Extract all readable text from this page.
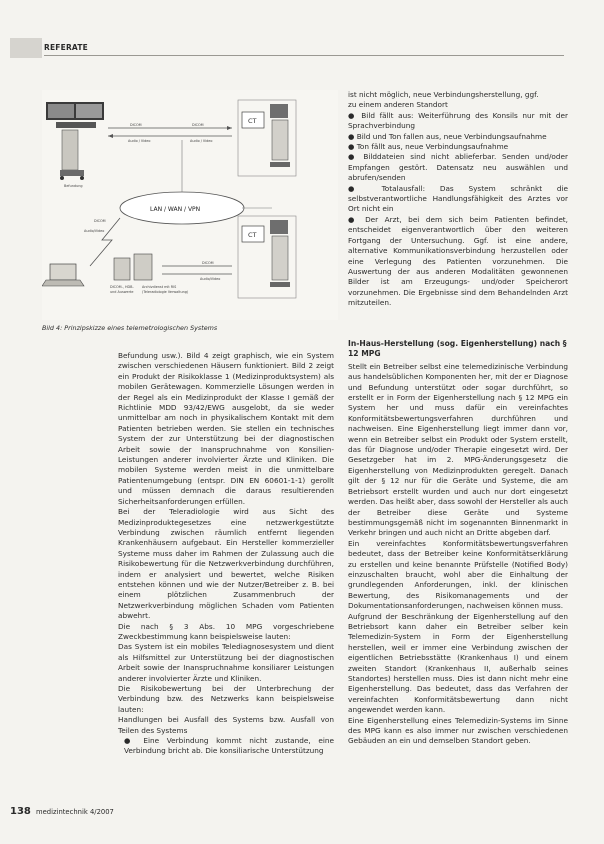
REFERATE
Befundung
DICOM	DICOM
Audio / Video	Audio / Video
CT
LAN / WAN / VPN
DICOM
Audio/Video
DICOM-, HDB-
und Auswerte
Archivdienst mit RIS
(Teleradiologie Verwaltung)
DICOM
Audio/Video
CT
Bild 4: Prinzipskizze eines telemetrologischen Systems
ist nicht möglich, neue Verbindungsherstellung, ggf.
zu einem anderen Standort
● Bild fällt aus: Weiterführung des Konsils nur mit der Sprachverbindung
● Bild und Ton fallen aus, neue Verbindungsaufnahme
● Ton fällt aus, neue Verbindungsaufnahme
● Bilddateien sind nicht ablieferbar. Senden und/oder Empfangen gestört. Datensatz neu auswählen und abrufen/senden
● Totalausfall: Das System schränkt die selbstverantwortliche Handlungsfähigkeit des Arztes vor Ort nicht ein
● Der Arzt, bei dem sich beim Patienten befindet, entscheidet eigenverantwortlich über den weiteren Fortgang der Untersuchung. Ggf. ist eine andere, alternative Kommunikationsverbindung herzustellen oder eine Verlegung des Patienten vorzunehmen. Die Auswertung der aus anderen Modalitäten gewonnenen Bilder ist am Erzeugungs- und/oder Speicherort vorzunehmen. Die Ergebnisse sind dem Behandelnden Arzt mitzuteilen.

Befundung usw.). Bild 4 zeigt graphisch, wie ein System zwischen verschiedenen Häusern funktioniert. Bild 2 zeigt ein Produkt der Risikoklasse 1 (Medizinproduktsystem) als mobilen Gerätewagen. Kommerzielle Lösungen werden in der Regel als ein Medizinprodukt der Klasse I gemäß der Richtlinie MDD 93/42/EWG ausgelobt, da sie weder unmittelbar am noch in physikalischem Kontakt mit dem Patienten betrieben werden. Sie stellen ein technisches System der zur Unterstützung bei der diagnostischen Arbeit sowie der Inanspruchnahme von Konsilien-Leistungen anderer involvierter Ärzte und Kliniken. Die mobilen Systeme werden meist in die unmittelbare Patientenumgebung (entspr. DIN EN 60601-1-1) gerollt und müssen demnach die daraus resultierenden Sicherheitsanforderungen erfüllen.

Bei der Teleradiologie wird aus Sicht des Medizinproduktegesetzes eine netzwerkgestützte Verbindung zwischen räumlich entfernt liegenden Krankenhäusern aufgebaut. Ein Hersteller kommerzieller Systeme muss daher im Rahmen der Zulassung auch die Risikobewertung für die Netzwerkverbindung durchführen, indem er analysiert und bewertet, welche Risiken entstehen können und wie der Nutzer/Betreiber z. B. bei einem plötzlichen Zusammenbruch der Netzwerkverbindung möglichen Schaden vom Patienten abwehrt.

Die nach § 3 Abs. 10 MPG vorgeschriebene Zweckbestimmung kann beispielsweise lauten:

Das System ist ein mobiles Telediagnosesystem und dient als Hilfsmittel zur Unterstützung bei der diagnostischen Arbeit sowie der Inanspruchnahme konsiliarer Leistungen anderer involvierter Ärzte und Kliniken.

Die Risikobewertung bei der Unterbrechung der Verbindung bzw. des Netzwerks kann beispielsweise lauten:

Handlungen bei Ausfall des Systems bzw. Ausfall von Teilen des Systems

● Eine Verbindung kommt nicht zustande, eine Verbindung bricht ab. Die konsiliarische Unterstützung

In-Haus-Herstellung (sog. Eigenherstellung) nach § 12 MPG

Stellt ein Betreiber selbst eine telemedizinische Verbindung aus handelsüblichen Komponenten her, mit der er Diagnose und Befundung unterstützt oder sogar durchführt, so erstellt er in Form der Eigenherstellung nach § 12 MPG ein System her und muss dafür ein vereinfachtes Konformitätsbewertungsverfahren durchführen und nachweisen. Eine Eigenherstellung liegt immer dann vor, wenn ein Betreiber selbst ein Produkt oder System erstellt, das für Diagnose und/oder Therapie eingesetzt wird. Der Gesetzgeber hat im 2. MPG-Änderungsgesetz die Eigenherstellung von Medizinprodukten geregelt. Danach gilt der § 12 nur für die Geräte und Systeme, die am Betriebsort erstellt wurden und auch nur dort eingesetzt werden. Das heißt aber, dass sowohl der Hersteller als auch der Betreiber diese Geräte und Systeme bestimmungsgemäß nicht im sogenannten Binnenmarkt in Verkehr bringen und auch nicht an Dritte abgeben darf.

Ein vereinfachtes Konformitätsbewertungsverfahren bedeutet, dass der Betreiber keine Konformitätserklärung zu erstellen und keine benannte Prüfstelle (Notified Body) einzuschalten braucht, wohl aber die Einhaltung der grundlegenden Anforderungen, inkl. der klinischen Bewertung, des Risikomanagements und der Dokumentationsanforderungen, nachweisen können muss.

Aufgrund der Beschränkung der Eigenherstellung auf den Betriebsort kann daher ein Betreiber selber kein Telemedizin-System in Form der Eigenherstellung herstellen, weil er immer eine Verbindung zwischen der eigentlichen Betriebsstätte (Krankenhaus I) und einem zweiten Standort (Krankenhaus II, außerhalb seines Standortes) herstellen muss. Dies ist dann nicht mehr eine Eigenherstellung. Das bedeutet, dass das Verfahren der vereinfachten Konformitätsbewertung dann nicht angewendet werden kann.

Eine Eigenherstellung eines Telemedizin-Systems im Sinne des MPG kann es also immer nur zwischen verschiedenen Gebäuden an ein und demselben Standort geben.

138 medizintechnik 4/2007
